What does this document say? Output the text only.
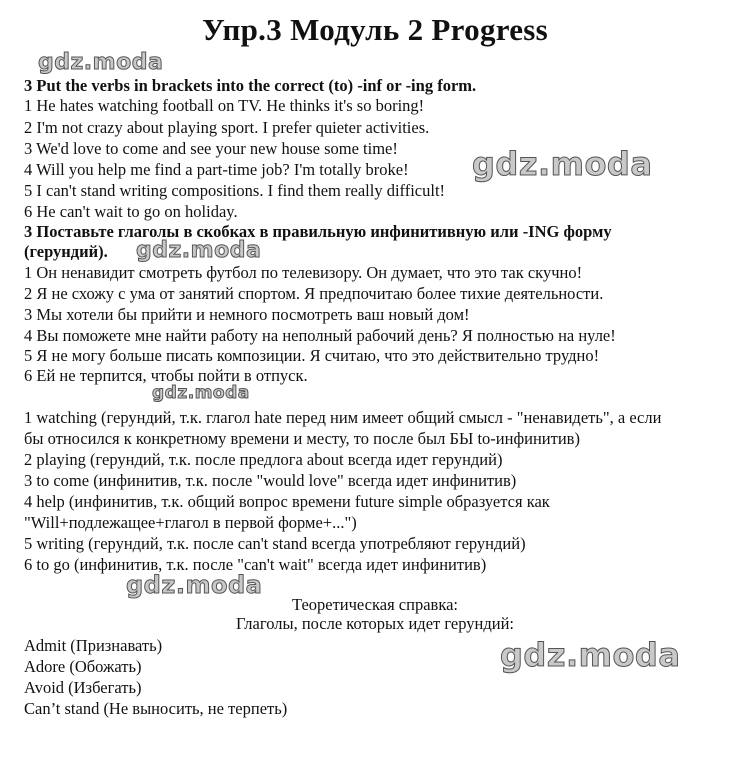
Упр.3 Модуль 2 Progress
3 Put the verbs in brackets into the correct (to) -inf or -ing form.
1 He hates watching football on TV. He thinks it's so boring!
2 I'm not crazy about playing sport. I prefer quieter activities.
3 We'd love to come and see your new house some time!
4 Will you help me find a part-time job? I'm totally broke!
5 I can't stand writing compositions. I find them really difficult!
6 He can't wait to go on holiday.
3 Поставьте глаголы в скобках в правильную инфинитивную или -ING форму
(герундий).
1 Он ненавидит смотреть футбол по телевизору. Он думает, что это так скучно!
2 Я не схожу с ума от занятий спортом. Я предпочитаю более тихие деятельности.
3 Мы хотели бы прийти и немного посмотреть ваш новый дом!
4 Вы поможете мне найти работу на неполный рабочий день? Я полностью на нуле!
5 Я не могу больше писать композиции. Я считаю, что это действительно трудно!
6 Ей не терпится, чтобы пойти в отпуск.
1 watching (герундий, т.к. глагол hate перед ним имеет общий смысл - "ненавидеть", а если
бы относился к конкретному времени и месту, то после был БЫ to-инфинитив)
2 playing (герундий, т.к. после предлога about всегда идет герундий)
3 to come (инфинитив, т.к. после "would love" всегда идет инфинитив)
4 help (инфинитив, т.к. общий вопрос времени future simple образуется как
"Will+подлежащее+глагол в первой форме+...")
5 writing (герундий, т.к. после can't stand всегда употребляют герундий)
6 to go (инфинитив, т.к. после "can't wait" всегда идет инфинитив)
Теоретическая справка:
Глаголы, после которых идет герундий:
Admit (Признавать)
Adore (Обожать)
Avoid (Избегать)
Can’t stand (Не выносить, не терпеть)
gdz.moda
gdz.moda
gdz.moda
gdz.moda
gdz.moda
gdz.moda
